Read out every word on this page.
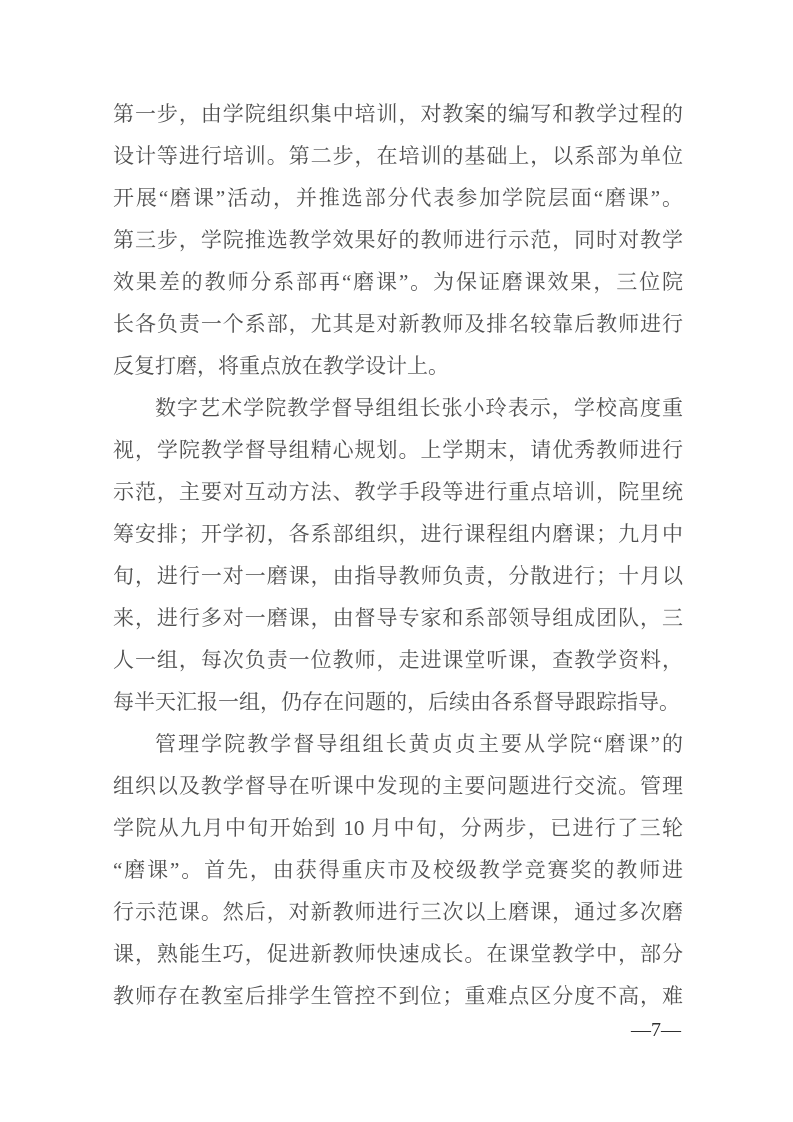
第一步，由学院组织集中培训，对教案的编写和教学过程的
设计等进行培训。第二步，在培训的基础上，以系部为单位
开展“磨课”活动，并推选部分代表参加学院层面“磨课”。
第三步，学院推选教学效果好的教师进行示范，同时对教学
效果差的教师分系部再“磨课”。为保证磨课效果，三位院
长各负责一个系部，尤其是对新教师及排名较靠后教师进行
反复打磨，将重点放在教学设计上。
数字艺术学院教学督导组组长张小玲表示，学校高度重
视，学院教学督导组精心规划。上学期末，请优秀教师进行
示范，主要对互动方法、教学手段等进行重点培训，院里统
筹安排；开学初，各系部组织，进行课程组内磨课；九月中
旬，进行一对一磨课，由指导教师负责，分散进行；十月以
来，进行多对一磨课，由督导专家和系部领导组成团队，三
人一组，每次负责一位教师，走进课堂听课，查教学资料，
每半天汇报一组，仍存在问题的，后续由各系督导跟踪指导。
管理学院教学督导组组长黄贞贞主要从学院“磨课”的
组织以及教学督导在听课中发现的主要问题进行交流。管理
学院从九月中旬开始到 10 月中旬，分两步，已进行了三轮
“磨课”。首先，由获得重庆市及校级教学竞赛奖的教师进
行示范课。然后，对新教师进行三次以上磨课，通过多次磨
课，熟能生巧，促进新教师快速成长。在课堂教学中，部分
教师存在教室后排学生管控不到位；重难点区分度不高，难
—7—
